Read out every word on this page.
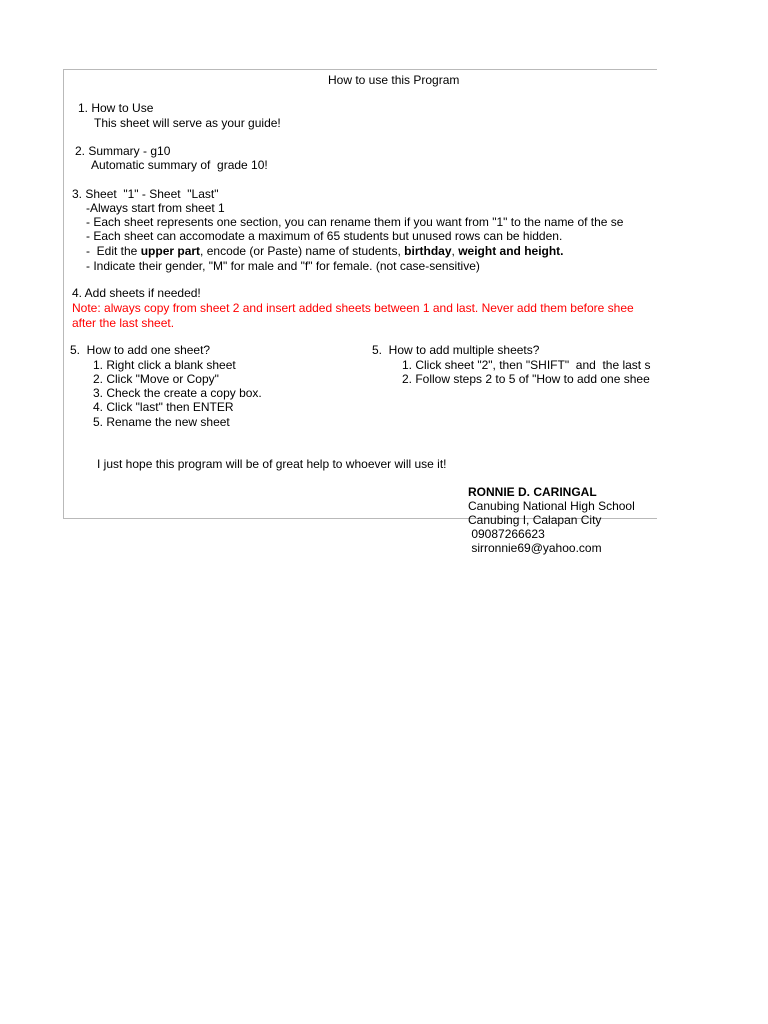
How to use this Program
1. How to Use
This sheet will serve as your guide!
2. Summary - g10
Automatic summary of  grade 10!
3. Sheet  "1" - Sheet  "Last"
-Always start from sheet 1
- Each sheet represents one section, you can rename them if you want from "1" to the name of the se
- Each sheet can accomodate a maximum of 65 students but unused rows can be hidden.
-  Edit the upper part, encode (or Paste) name of students, birthday, weight and height.
- Indicate their gender, "M" for male and "f" for female. (not case-sensitive)
4. Add sheets if needed!
Note: always copy from sheet 2 and insert added sheets between 1 and last. Never add them before shee
after the last sheet.
5.  How to add one sheet?
1. Right click a blank sheet
2. Click "Move or Copy"
3. Check the create a copy box.
4. Click "last" then ENTER
5. Rename the new sheet
5.  How to add multiple sheets?
1. Click sheet "2", then "SHIFT"  and  the last s
2. Follow steps 2 to 5 of "How to add one shee
I just hope this program will be of great help to whoever will use it!
RONNIE D. CARINGAL
Canubing National High School
Canubing I, Calapan City
09087266623
sirronnie69@yahoo.com
